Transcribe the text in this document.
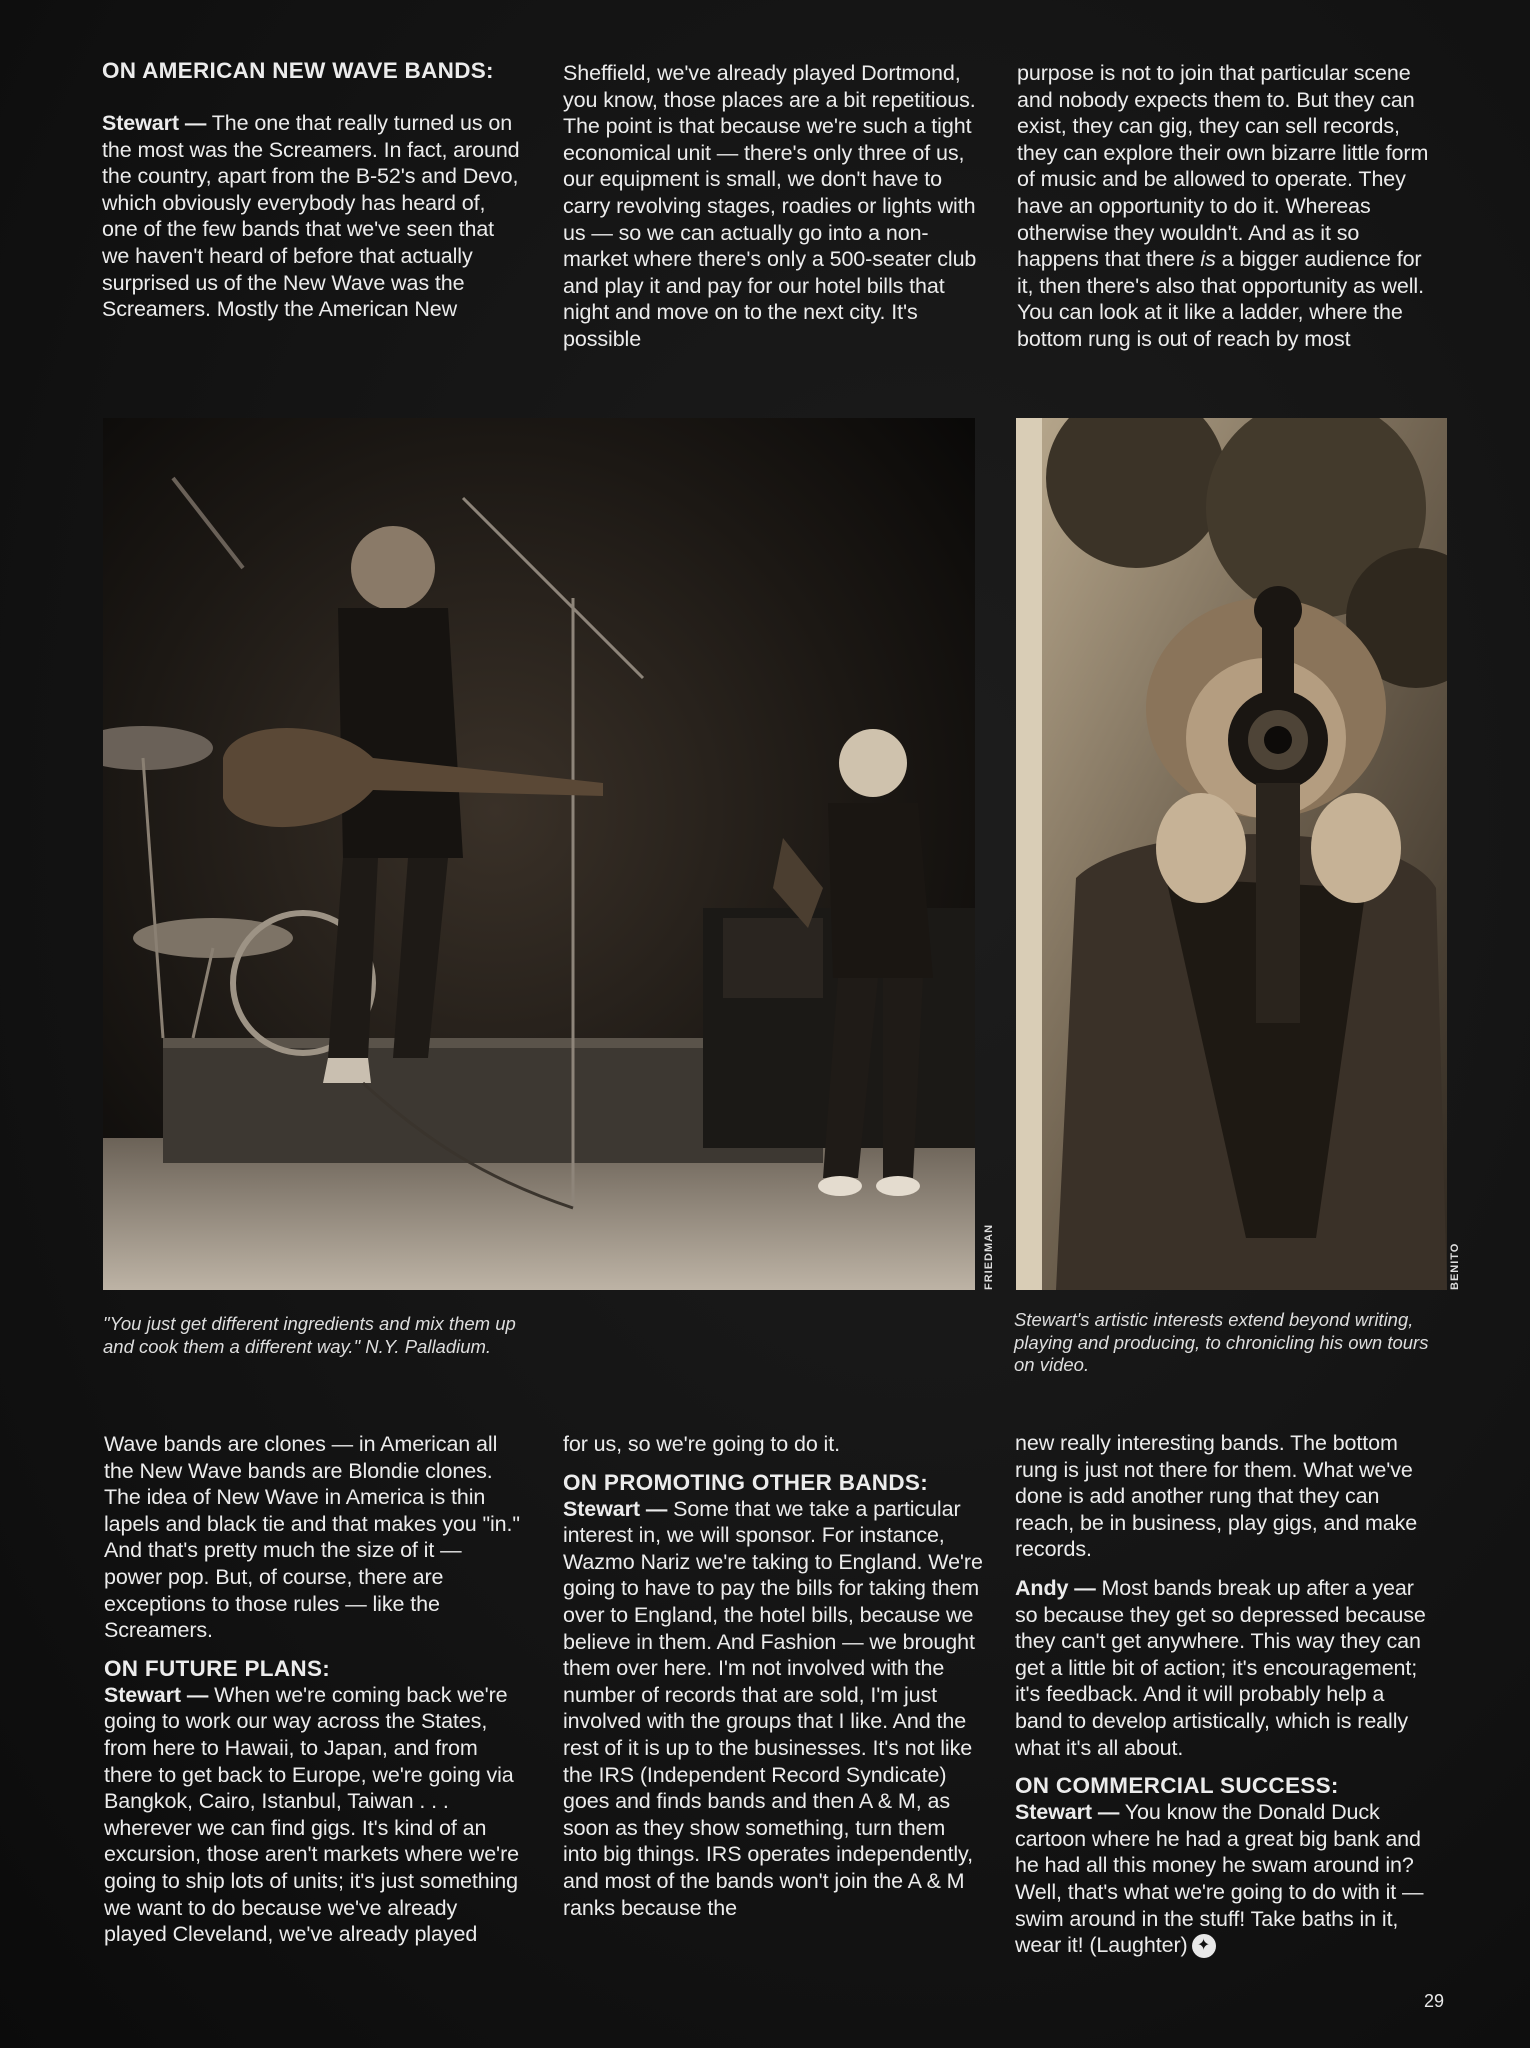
ON AMERICAN NEW WAVE BANDS:

Stewart — The one that really turned us on the most was the Screamers. In fact, around the country, apart from the B-52's and Devo, which obviously everybody has heard of, one of the few bands that we've seen that we haven't heard of before that actually surprised us of the New Wave was the Screamers. Mostly the American New

Sheffield, we've already played Dortmond, you know, those places are a bit repetitious. The point is that because we're such a tight economical unit — there's only three of us, our equipment is small, we don't have to carry revolving stages, roadies or lights with us — so we can actually go into a non-market where there's only a 500-seater club and play it and pay for our hotel bills that night and move on to the next city. It's possible

purpose is not to join that particular scene and nobody expects them to. But they can exist, they can gig, they can sell records, they can explore their own bizarre little form of music and be allowed to operate. They have an opportunity to do it. Whereas otherwise they wouldn't. And as it so happens that there is a bigger audience for it, then there's also that opportunity as well. You can look at it like a ladder, where the bottom rung is out of reach by most

FRIEDMAN	BENITO
"You just get different ingredients and mix them up and cook them a different way." N.Y. Palladium.
Stewart's artistic interests extend beyond writing, playing and producing, to chronicling his own tours on video.

Wave bands are clones — in American all the New Wave bands are Blondie clones. The idea of New Wave in America is thin lapels and black tie and that makes you "in." And that's pretty much the size of it — power pop. But, of course, there are exceptions to those rules — like the Screamers.

ON FUTURE PLANS:

Stewart — When we're coming back we're going to work our way across the States, from here to Hawaii, to Japan, and from there to get back to Europe, we're going via Bangkok, Cairo, Istanbul, Taiwan . . . wherever we can find gigs. It's kind of an excursion, those aren't markets where we're going to ship lots of units; it's just something we want to do because we've already played Cleveland, we've already played

for us, so we're going to do it.

ON PROMOTING OTHER BANDS:

Stewart — Some that we take a particular interest in, we will sponsor. For instance, Wazmo Nariz we're taking to England. We're going to have to pay the bills for taking them over to England, the hotel bills, because we believe in them. And Fashion — we brought them over here. I'm not involved with the number of records that are sold, I'm just involved with the groups that I like. And the rest of it is up to the businesses. It's not like the IRS (Independent Record Syndicate) goes and finds bands and then A & M, as soon as they show something, turn them into big things. IRS operates independently, and most of the bands won't join the A & M ranks because the

new really interesting bands. The bottom rung is just not there for them. What we've done is add another rung that they can reach, be in business, play gigs, and make records.

Andy — Most bands break up after a year so because they get so depressed because they can't get anywhere. This way they can get a little bit of action; it's encouragement; it's feedback. And it will probably help a band to develop artistically, which is really what it's all about.

ON COMMERCIAL SUCCESS:

Stewart — You know the Donald Duck cartoon where he had a great big bank and he had all this money he swam around in? Well, that's what we're going to do with it — swim around in the stuff! Take baths in it, wear it! (Laughter) ✦

29
